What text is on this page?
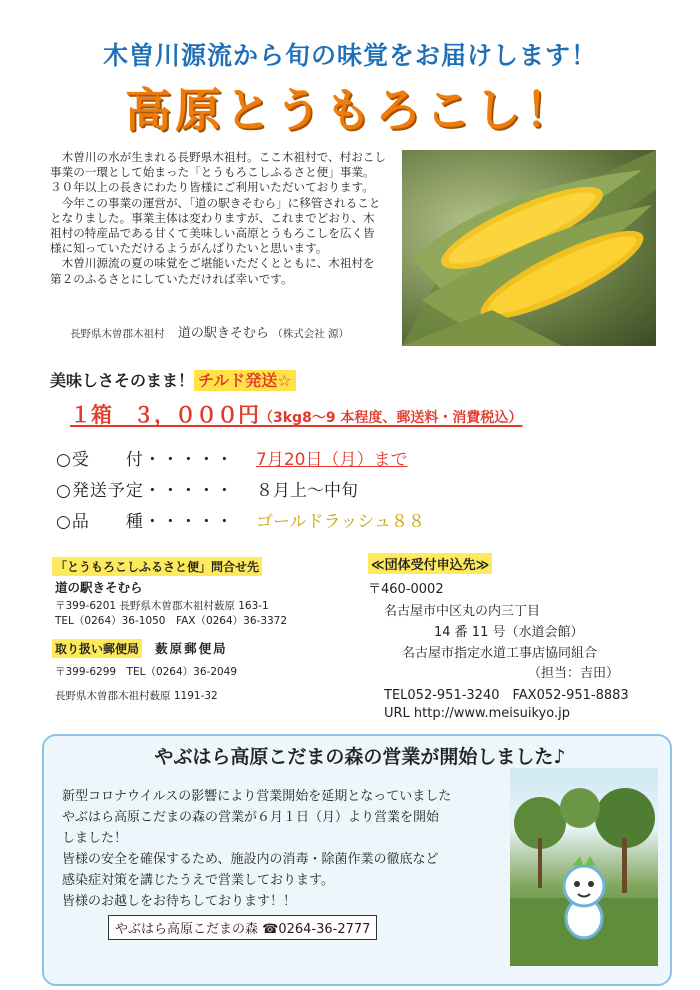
木曽川源流から旬の味覚をお届けします！
高原とうもろこし！

木曽川の水が生まれる長野県木祖村。ここ木祖村で、村おこし事業の一環として始まった「とうもろこしふるさと便」事業。３０年以上の長きにわたり皆様にご利用いただいております。

今年この事業の運営が、「道の駅きそむら」に移管されることとなりました。事業主体は変わりますが、これまでどおり、木祖村の特産品である甘くて美味しい高原とうもろこしを広く皆様に知っていただけるようがんばりたいと思います。

木曽川源流の夏の味覚をご堪能いただくとともに、木祖村を第２のふるさとにしていただければ幸いです。

長野県木曽郡木祖村 道の駅きそむら （株式会社 源）
美味しさそのまま！ チルド発送☆
１箱　３，０００円（3kg8～9 本程度、郵送料・消費税込）
○受　　付・・・・・ 7月20日（月）まで
○発送予定・・・・・ ８月上～中旬
○品　　種・・・・・ ゴールドラッシュ８８
「とうもろこしふるさと便」問合せ先
道の駅きそむら
〒399-6201 長野県木曽郡木祖村薮原 163-1
TEL（0264）36-1050　FAX（0264）36-3372
取り扱い郵便局 薮原郵便局
〒399-6299　TEL（0264）36-2049
長野県木曽郡木祖村薮原 1191-32
≪団体受付申込先≫
〒460-0002
名古屋市中区丸の内三丁目
14 番 11 号（水道会館）
名古屋市指定水道工事店協同組合
（担当：吉田）
TEL052-951-3240　FAX052-951-8883
URL http://www.meisuikyo.jp
やぶはら高原こだまの森の営業が開始しました♪
新型コロナウイルスの影響により営業開始を延期となっていました
やぶはら高原こだまの森の営業が６月１日（月）より営業を開始
しました！
皆様の安全を確保するため、施設内の消毒・除菌作業の徹底など
感染症対策を講じたうえで営業しております。
皆様のお越しをお待ちしております！！
やぶはら高原こだまの森 ☎0264-36-2777
